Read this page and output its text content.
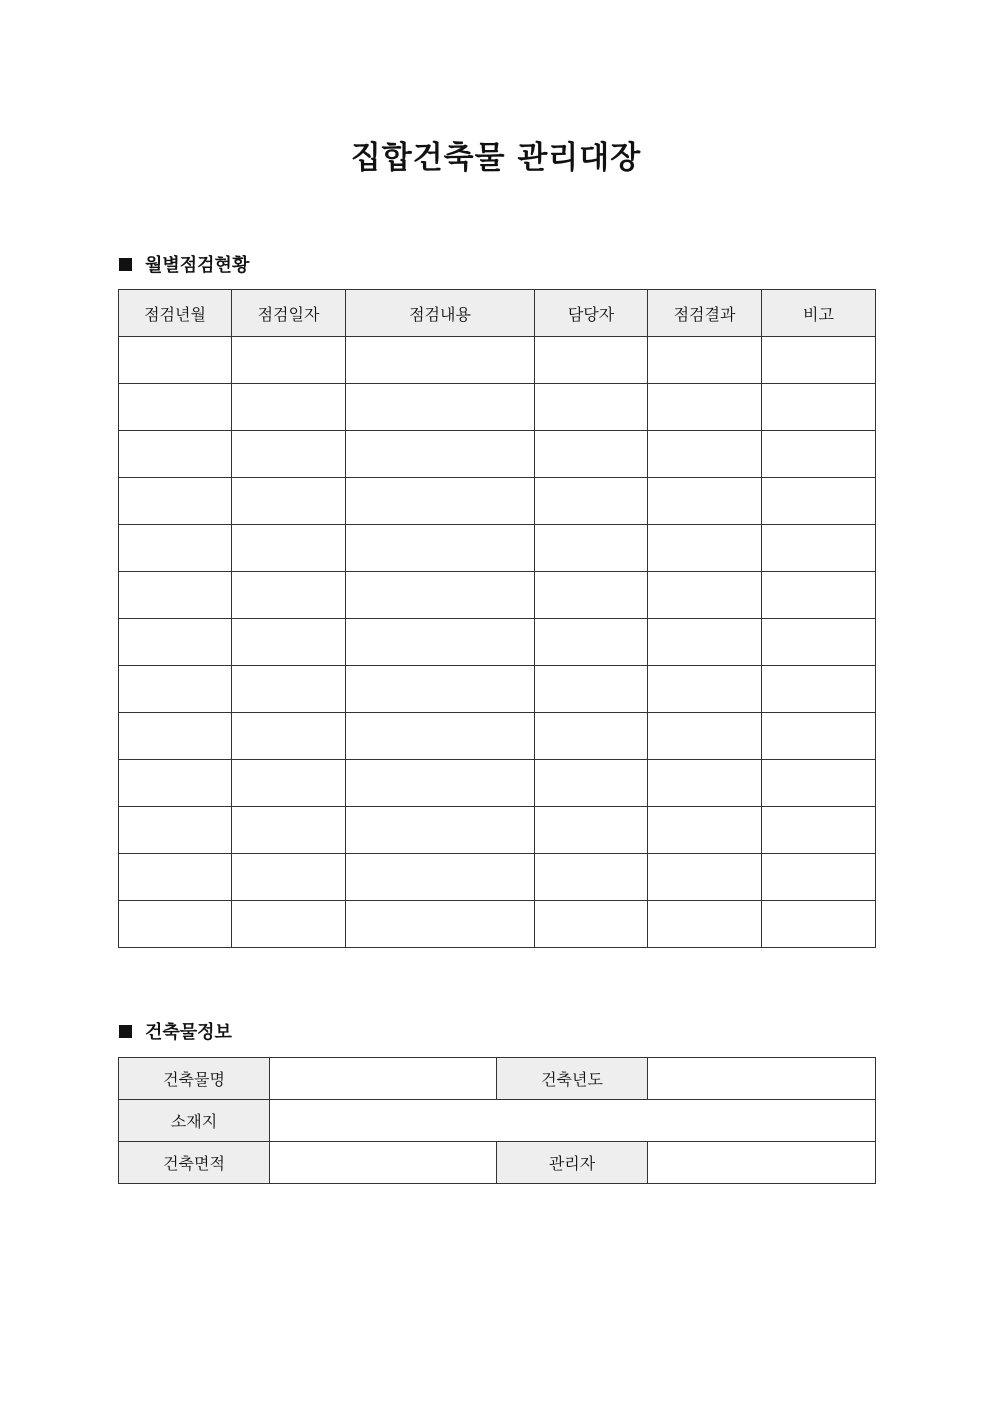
집합건축물 관리대장
월별점검현황
점검년월	점검일자	점검내용	담당자	점검결과	비고

건축물정보
건축물명		건축년도	
소재지			
건축면적		관리자	
